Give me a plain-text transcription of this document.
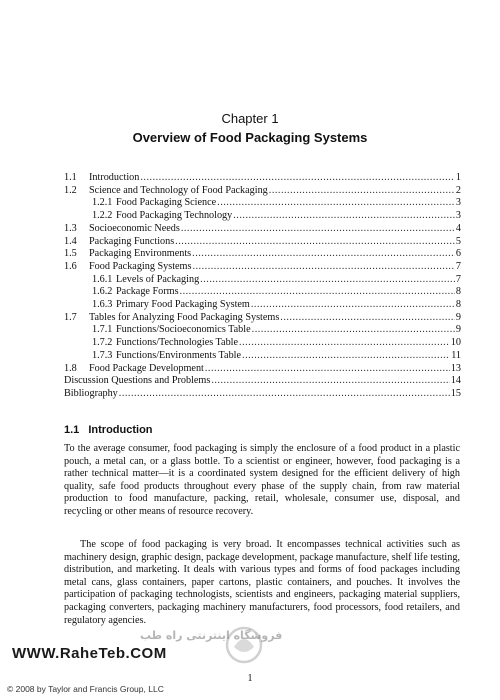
Chapter 1
Overview of Food Packaging Systems
1.1	Introduction .....	1
1.2	Science and Technology of Food Packaging .....	2
1.2.1 Food Packaging Science .....	3
1.2.2 Food Packaging Technology .....	3
1.3	Socioeconomic Needs .....	4
1.4	Packaging Functions .....	5
1.5	Packaging Environments .....	6
1.6	Food Packaging Systems .....	7
1.6.1 Levels of Packaging .....	7
1.6.2 Package Forms .....	8
1.6.3 Primary Food Packaging System .....	8
1.7	Tables for Analyzing Food Packaging Systems .....	9
1.7.1 Functions/Socioeconomics Table .....	9
1.7.2 Functions/Technologies Table .....	10
1.7.3 Functions/Environments Table .....	11
1.8	Food Package Development .....	13
Discussion Questions and Problems .....	14
Bibliography .....	15
1.1 Introduction

To the average consumer, food packaging is simply the enclosure of a food product in a plastic pouch, a metal can, or a glass bottle. To a scientist or engineer, however, food packaging is a rather technical matter—it is a coordinated system designed for the efficient delivery of high quality, safe food products throughout every phase of the supply chain, from raw material production to food manufacture, packing, retail, wholesale, consumer use, disposal, and recycling or other means of resource recovery.

The scope of food packaging is very broad. It encompasses technical activities such as machinery design, graphic design, package development, package manufacture, shelf life testing, distribution, and marketing. It deals with various types and forms of food packages including metal cans, glass containers, paper cartons, plastic containers, and pouches. It involves the participation of packaging technologists, scientists and engineers, packaging material suppliers, packaging converters, packaging machinery manufacturers, food processors, food retailers, and regulatory agencies.

فروشگاه اینترنتی راه طب
WWW.RaheTeb.COM
1
© 2008 by Taylor and Francis Group, LLC
